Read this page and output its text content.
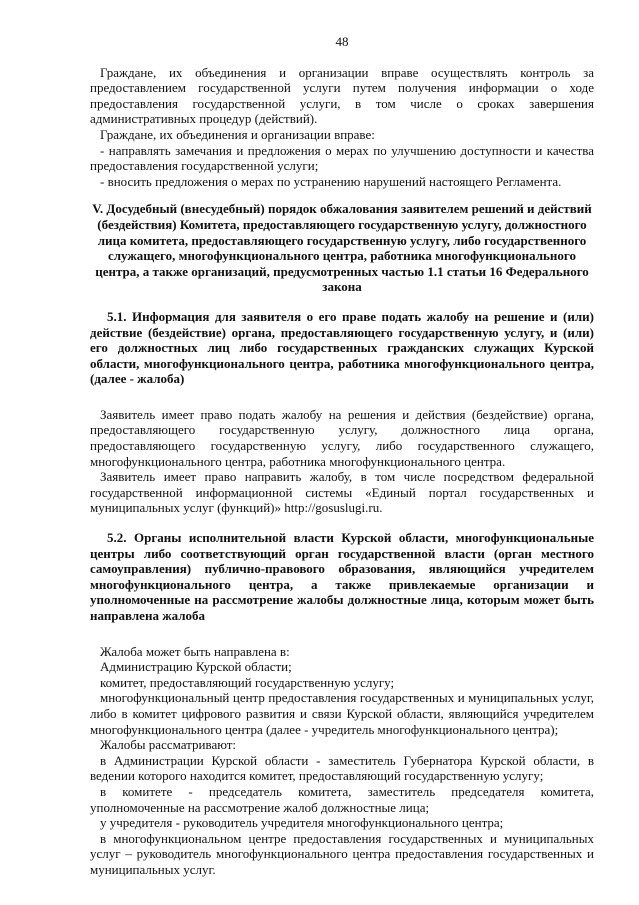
48

Граждане, их объединения и организации вправе осуществлять контроль за предоставлением государственной услуги путем получения информации о ходе предоставления государственной услуги, в том числе о сроках завершения административных процедур (действий).

Граждане, их объединения и организации вправе:

- направлять замечания и предложения о мерах по улучшению доступности и качества предоставления государственной услуги;

- вносить предложения о мерах по устранению нарушений настоящего Регламента.

V. Досудебный (внесудебный) порядок обжалования заявителем решений и действий (бездействия) Комитета, предоставляющего государственную услугу, должностного лица комитета, предоставляющего государственную услугу, либо государственного служащего, многофункционального центра, работника многофункционального центра, а также организаций, предусмотренных частью 1.1 статьи 16 Федерального закона

5.1. Информация для заявителя о его праве подать жалобу на решение и (или) действие (бездействие) органа, предоставляющего государственную услугу, и (или) его должностных лиц либо государственных гражданских служащих Курской области, многофункционального центра, работника многофункционального центра, (далее - жалоба)

Заявитель имеет право подать жалобу на решения и действия (бездействие) органа, предоставляющего государственную услугу, должностного лица органа, предоставляющего государственную услугу, либо государственного служащего, многофункционального центра, работника многофункционального центра.

Заявитель имеет право направить жалобу, в том числе посредством федеральной государственной информационной системы «Единый портал государственных и муниципальных услуг (функций)» http://gosuslugi.ru.

5.2. Органы исполнительной власти Курской области, многофункциональные центры либо соответствующий орган государственной власти (орган местного самоуправления) публично-правового образования, являющийся учредителем многофункционального центра, а также привлекаемые организации и уполномоченные на рассмотрение жалобы должностные лица, которым может быть направлена жалоба

Жалоба может быть направлена в:

Администрацию Курской области;

комитет, предоставляющий государственную услугу;

многофункциональный центр предоставления государственных и муниципальных услуг, либо в комитет цифрового развития и связи Курской области, являющийся учредителем многофункционального центра (далее - учредитель многофункционального центра);

Жалобы рассматривают:

в Администрации Курской области - заместитель Губернатора Курской области, в ведении которого находится комитет, предоставляющий государственную услугу;

в комитете - председатель комитета, заместитель председателя комитета, уполномоченные на рассмотрение жалоб должностные лица;

у учредителя - руководитель учредителя многофункционального центра;

в многофункциональном центре предоставления государственных и муниципальных услуг – руководитель многофункционального центра предоставления государственных и муниципальных услуг.
